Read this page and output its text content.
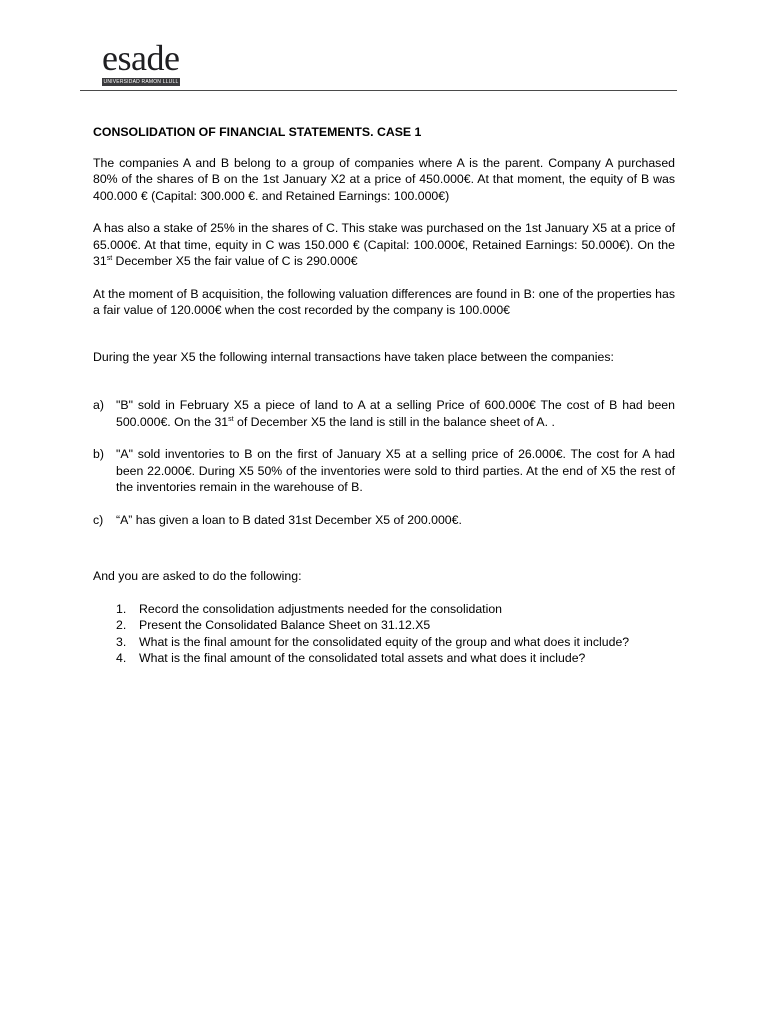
esade
UNIVERSIDAD RAMON LLULL
CONSOLIDATION OF FINANCIAL STATEMENTS. CASE 1

The companies A and B belong to a group of companies where A is the parent. Company A purchased 80% of the shares of B on the 1st January X2 at a price of 450.000€. At that moment, the equity of B was 400.000 € (Capital: 300.000 €. and Retained Earnings: 100.000€)

A has also a stake of 25% in the shares of C. This stake was purchased on the 1st January X5 at a price of 65.000€. At that time, equity in C was 150.000 € (Capital: 100.000€, Retained Earnings: 50.000€). On the 31st December X5 the fair value of C is 290.000€

At the moment of B acquisition, the following valuation differences are found in B: one of the properties has a fair value of 120.000€ when the cost recorded by the company is 100.000€

During the year X5 the following internal transactions have taken place between the companies:

a) "B" sold in February X5 a piece of land to A at a selling Price of 600.000€ The cost of B had been 500.000€. On the 31st of December X5 the land is still in the balance sheet of A. .
b) "A" sold inventories to B on the first of January X5 at a selling price of 26.000€. The cost for A had been 22.000€. During X5 50% of the inventories were sold to third parties. At the end of X5 the rest of the inventories remain in the warehouse of B.
c) “A” has given a loan to B dated 31st December X5 of 200.000€.

And you are asked to do the following:

1. Record the consolidation adjustments needed for the consolidation
2. Present the Consolidated Balance Sheet on 31.12.X5
3. What is the final amount for the consolidated equity of the group and what does it include?
4. What is the final amount of the consolidated total assets and what does it include?
